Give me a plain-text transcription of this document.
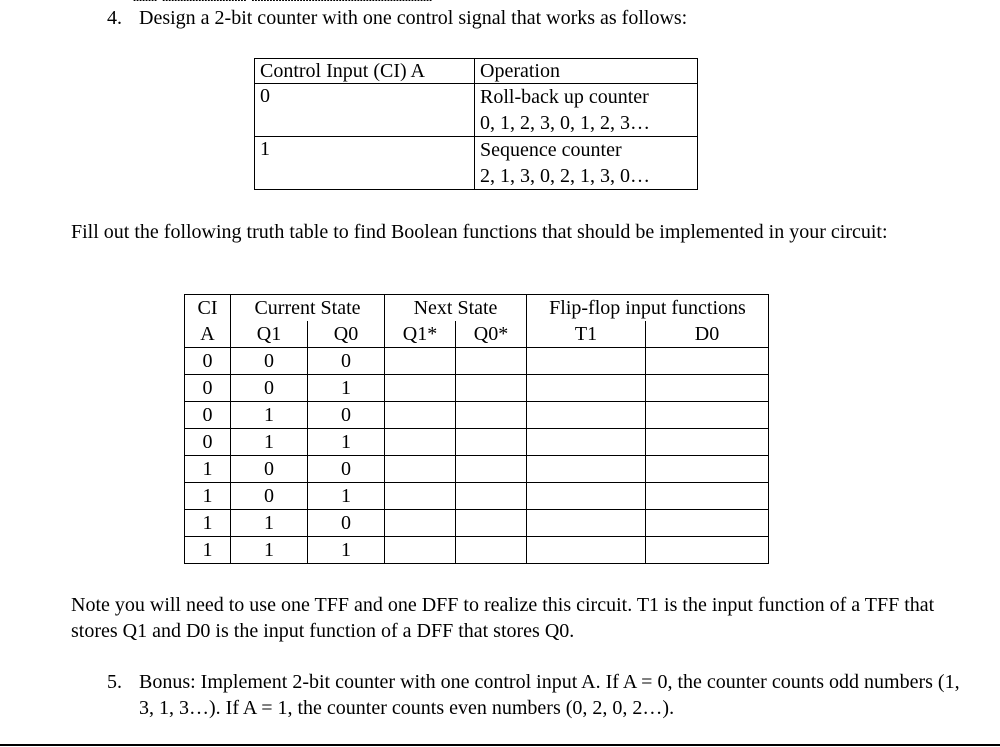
┈┈ ┈┈┈┈┈┈┈ ┈┈┈┈┈┈┈┈┈┈┈┈┈┈┈
4. Design a 2-bit counter with one control signal that works as follows:
Control Input (CI) A	Operation
0	Roll-back up counter
0, 1, 2, 3, 0, 1, 2, 3…

1	Sequence counter
2, 1, 3, 0, 2, 1, 3, 0…
Fill out the following truth table to find Boolean functions that should be implemented in your circuit:
CI	Current State		Next State		Flip-flop input functions	
A	Q1	Q0	Q1*	Q0*	T1	D0
0	0	0				
0	0	1				
0	1	0				
0	1	1				
1	0	0				
1	0	1				
1	1	0				
1	1	1				
Note you will need to use one TFF and one DFF to realize this circuit. T1 is the input function of a TFF that stores Q1 and D0 is the input function of a DFF that stores Q0.
5. Bonus: Implement 2-bit counter with one control input A. If A = 0, the counter counts odd numbers (1, 3, 1, 3…). If A = 1, the counter counts even numbers (0, 2, 0, 2…).
